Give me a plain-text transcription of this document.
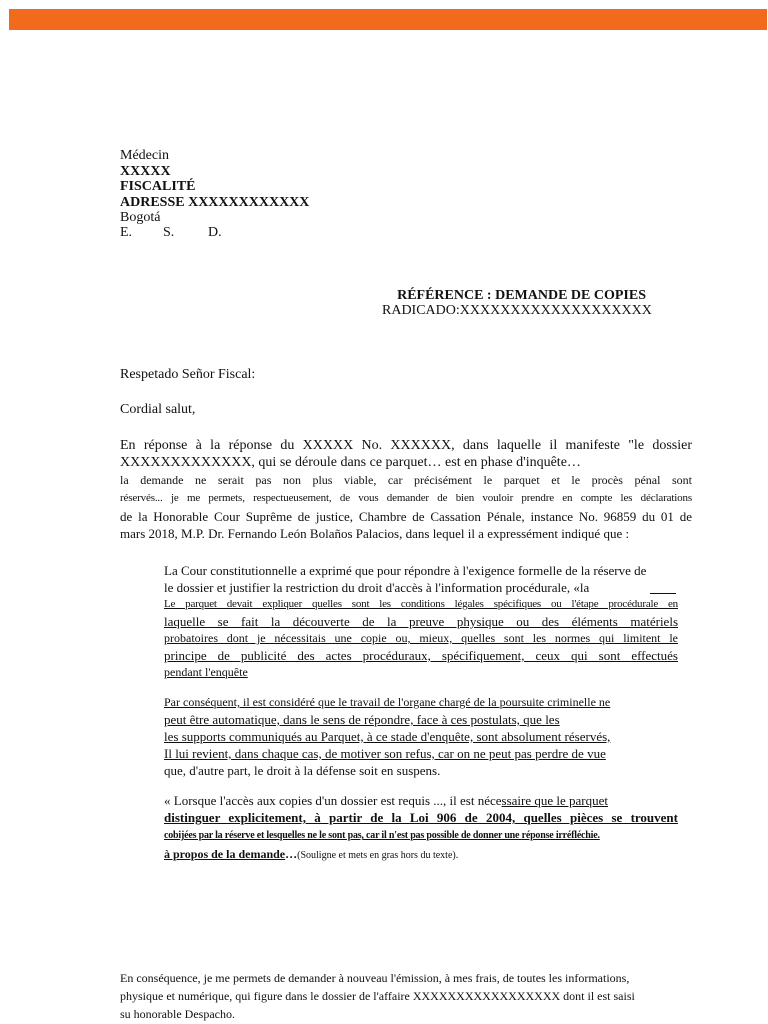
Médecin
XXXXX
FISCALITÉ
ADRESSE XXXXXXXXXXXX
Bogotá
E. S. D.
RÉFÉRENCE : DEMANDE DE COPIES
RADICADO:XXXXXXXXXXXXXXXXXXX
Respetado Señor Fiscal:
Cordial salut,
En réponse à la réponse du XXXXX No. XXXXXX, dans laquelle il manifeste "le dossier
XXXXXXXXXXXXX, qui se déroule dans ce parquet… est en phase d'inquête…
la demande ne serait pas non plus viable, car précisément le parquet et le procès pénal sont
réservés... je me permets, respectueusement, de vous demander de bien vouloir prendre en compte les déclarations
de la Honorable Cour Suprême de justice, Chambre de Cassation Pénale, instance No. 96859 du 01 de
mars 2018, M.P. Dr. Fernando León Bolaños Palacios, dans lequel il a expressément indiqué que :
La Cour constitutionnelle a exprimé que pour répondre à l'exigence formelle de la réserve de
le dossier et justifier la restriction du droit d'accès à l'information procédurale, «la
Le parquet devait expliquer quelles sont les conditions légales spécifiques ou l'étape procédurale en
laquelle se fait la découverte de la preuve physique ou des éléments matériels
probatoires dont je nécessitais une copie ou, mieux, quelles sont les normes qui limitent le
principe de publicité des actes procéduraux, spécifiquement, ceux qui sont effectués
pendant l'enquête
Par conséquent, il est considéré que le travail de l'organe chargé de la poursuite criminelle ne
peut être automatique, dans le sens de répondre, face à ces postulats, que les
les supports communiqués au Parquet, à ce stade d'enquête, sont absolument réservés,
Il lui revient, dans chaque cas, de motiver son refus, car on ne peut pas perdre de vue
que, d'autre part, le droit à la défense soit en suspens.
« Lorsque l'accès aux copies d'un dossier est requis ..., il est nécessaire que le parquet
distinguer explicitement, à partir de la Loi 906 de 2004, quelles pièces se trouvent
cobijées par la réserve et lesquelles ne le sont pas, car il n'est pas possible de donner une réponse irréfléchie.
à propos de la demande…(Souligne et mets en gras hors du texte).
En conséquence, je me permets de demander à nouveau l'émission, à mes frais, de toutes les informations,
physique et numérique, qui figure dans le dossier de l'affaire XXXXXXXXXXXXXXXXX dont il est saisi
su honorable Despacho.
